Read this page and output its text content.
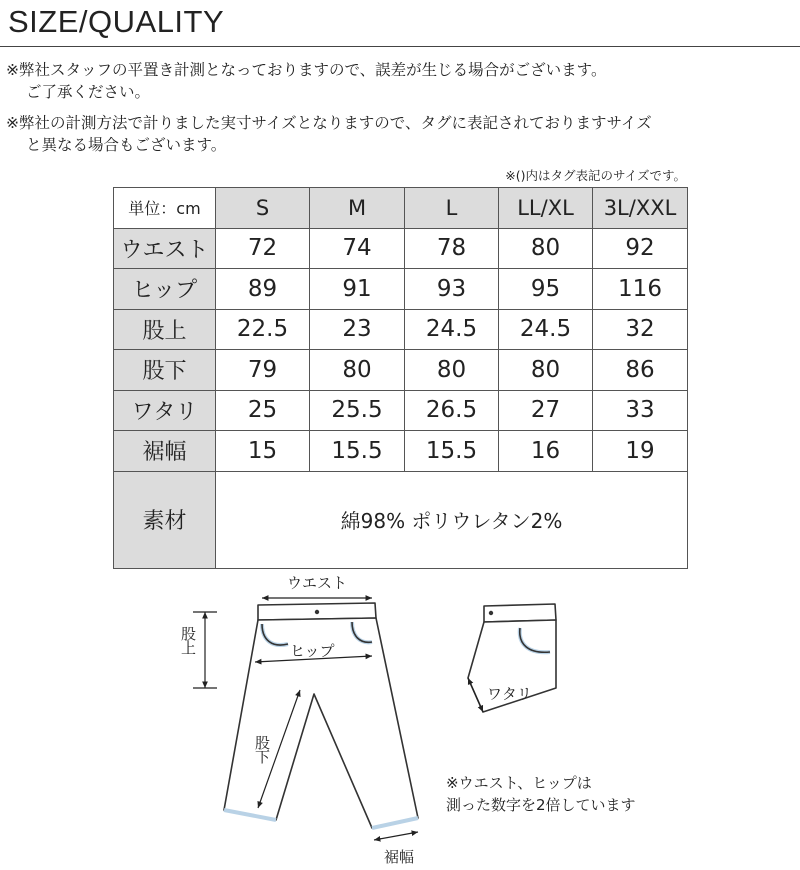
SIZE/QUALITY
※弊社スタッフの平置き計測となっておりますので、誤差が生じる場合がございます。
ご了承ください。
※弊社の計測方法で計りました実寸サイズとなりますので、タグに表記されておりますサイズ
と異なる場合もございます。
※()内はタグ表記のサイズです。
単位：cm	S	M	L	LL/XL	3L/XXL
ウエスト	72	74	78	80	92
ヒップ	89	91	93	95	116
股上	22.5	23	24.5	24.5	32
股下	79	80	80	80	86
ワタリ	25	25.5	26.5	27	33
裾幅	15	15.5	15.5	16	19
素材	綿98% ポリウレタン2%				
ウエスト
ヒップ
股上
股下
裾幅
ワタリ
※ウエスト、ヒップは
測った数字を2倍しています
